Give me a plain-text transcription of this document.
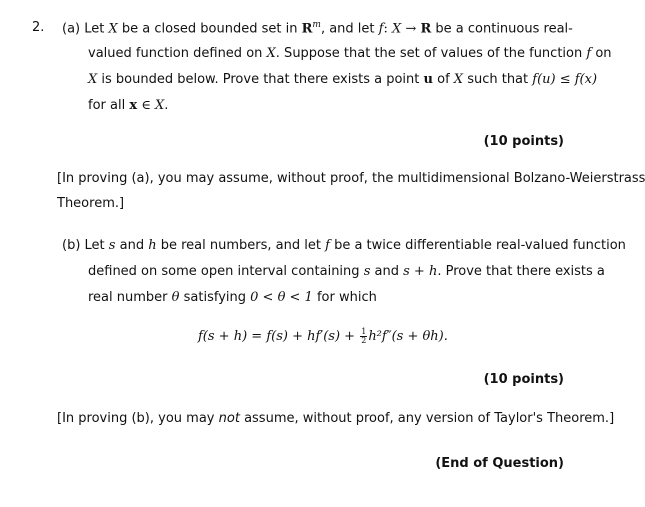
2. (a) Let X be a closed bounded set in $R^m$, and let f: X → R be a continuous real-
valued function defined on X. Suppose that the set of values of the function f on
X is bounded below. Prove that there exists a point u of X such that f(u) ≤ f(x)
for all x ∈ X.
(10 points)
[In proving (a), you may assume, without proof, the multidimensional Bolzano-Weierstrass
Theorem.]
(b) Let s and h be real numbers, and let f be a twice differentiable real-valued function
defined on some open interval containing s and s + h. Prove that there exists a
real number θ satisfying 0 < θ < 1 for which
$f(s + h) = f(s) + hf'(s) + \frac{1}{2} h^2f''(s + \theta h)$.
(10 points)
[In proving (b), you may not assume, without proof, any version of Taylor's Theorem.]
(End of Question)
